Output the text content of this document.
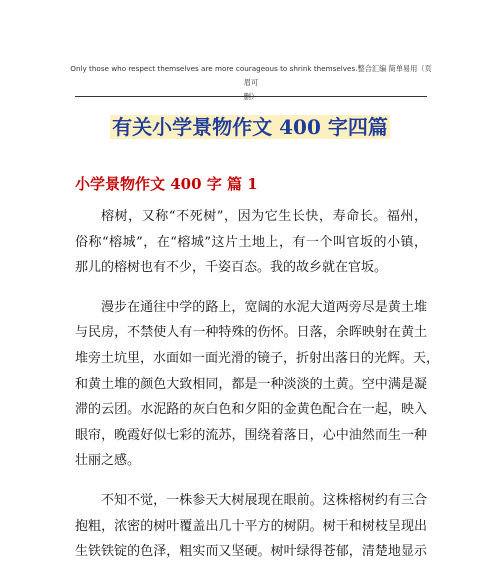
Only those who respect themselves are more courageous to shrink themselves.整合汇编 简单易用（页眉可
删）
有关小学景物作文 400 字四篇
小学景物作文 400 字 篇 1
榕树，又称“不死树”，因为它生长快，寿命长。福州，
俗称“榕城”，在“榕城”这片土地上，有一个叫官坂的小镇，
那儿的榕树也有不少，千姿百态。我的故乡就在官坂。
漫步在通往中学的路上，宽阔的水泥大道两旁尽是黄土堆
与民房，不禁使人有一种特殊的伤怀。日落，余晖映射在黄土
堆旁土坑里，水面如一面光滑的镜子，折射出落日的光辉。天，
和黄土堆的颜色大致相同，都是一种淡淡的土黄。空中满是凝
滞的云团。水泥路的灰白色和夕阳的金黄色配合在一起，映入
眼帘，晚霞好似七彩的流苏，围绕着落日，心中油然而生一种
壮丽之感。
不知不觉，一株参天大树展现在眼前。这株榕树约有三合
抱粗，浓密的树叶覆盖出几十平方的树阴。树干和树枝呈现出
生铁铁锭的色泽，粗实而又坚硬。树叶绿得苍郁，清楚地显示
